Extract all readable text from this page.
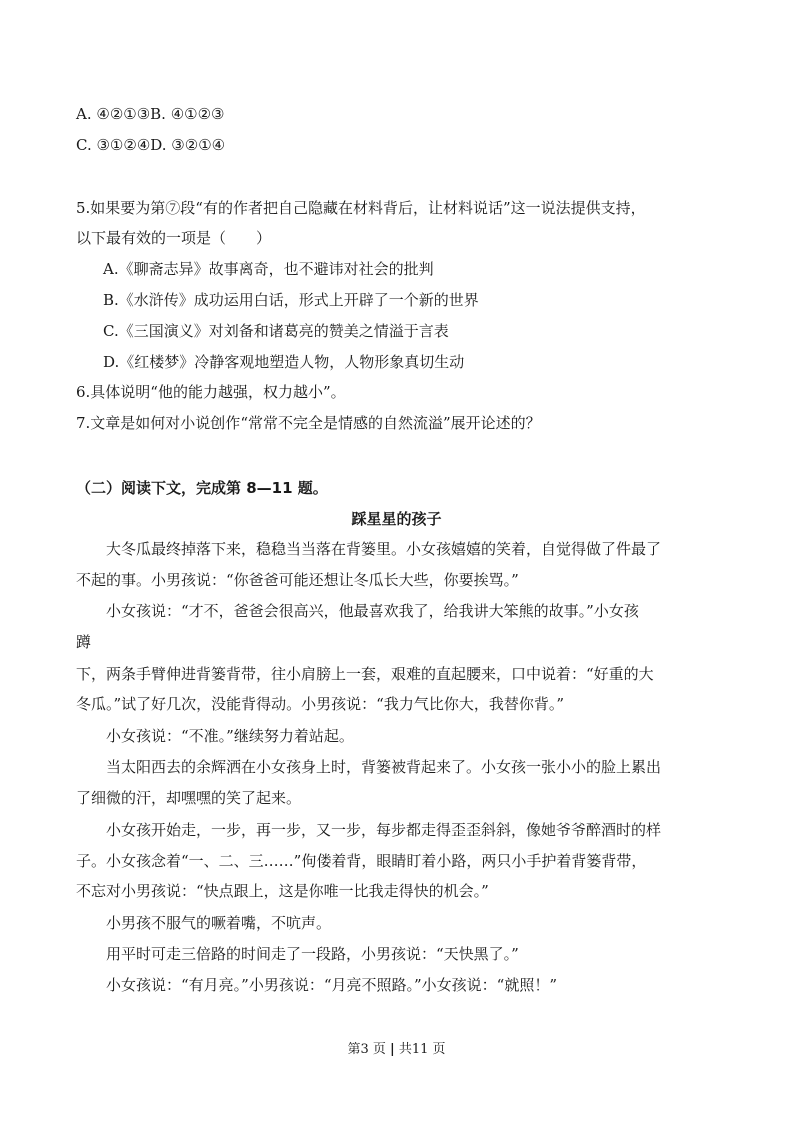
A. ④②①③B. ④①②③
C. ③①②④D. ③②①④
5.如果要为第⑦段“有的作者把自己隐藏在材料背后，让材料说话”这一说法提供支持，
以下最有效的一项是（　　）
A.《聊斋志异》故事离奇，也不避讳对社会的批判
B.《水浒传》成功运用白话，形式上开辟了一个新的世界
C.《三国演义》对刘备和诸葛亮的赞美之情溢于言表
D.《红楼梦》冷静客观地塑造人物，人物形象真切生动
6.具体说明“他的能力越强，权力越小”。
7.文章是如何对小说创作“常常不完全是情感的自然流溢”展开论述的？
（二）阅读下文，完成第 8—11 题。
踩星星的孩子
　　大冬瓜最终掉落下来，稳稳当当落在背篓里。小女孩嬉嬉的笑着，自觉得做了件最了
不起的事。小男孩说：“你爸爸可能还想让冬瓜长大些，你要挨骂。”
　　小女孩说：“才不，爸爸会很高兴，他最喜欢我了，给我讲大笨熊的故事。”小女孩
蹲
下，两条手臂伸进背篓背带，往小肩膀上一套，艰难的直起腰来，口中说着：“好重的大
冬瓜。”试了好几次，没能背得动。小男孩说：“我力气比你大，我替你背。”
　　小女孩说：“不准。”继续努力着站起。
　　当太阳西去的余辉洒在小女孩身上时，背篓被背起来了。小女孩一张小小的脸上累出
了细微的汗，却嘿嘿的笑了起来。
　　小女孩开始走，一步，再一步，又一步，每步都走得歪歪斜斜，像她爷爷醉酒时的样
子。小女孩念着“一、二、三……”佝偻着背，眼睛盯着小路，两只小手护着背篓背带，
不忘对小男孩说：“快点跟上，这是你唯一比我走得快的机会。”
　　小男孩不服气的噘着嘴，不吭声。
　　用平时可走三倍路的时间走了一段路，小男孩说：“天快黑了。”
　　小女孩说：“有月亮。”小男孩说：“月亮不照路。”小女孩说：“就照！”
第3 页 | 共11 页
